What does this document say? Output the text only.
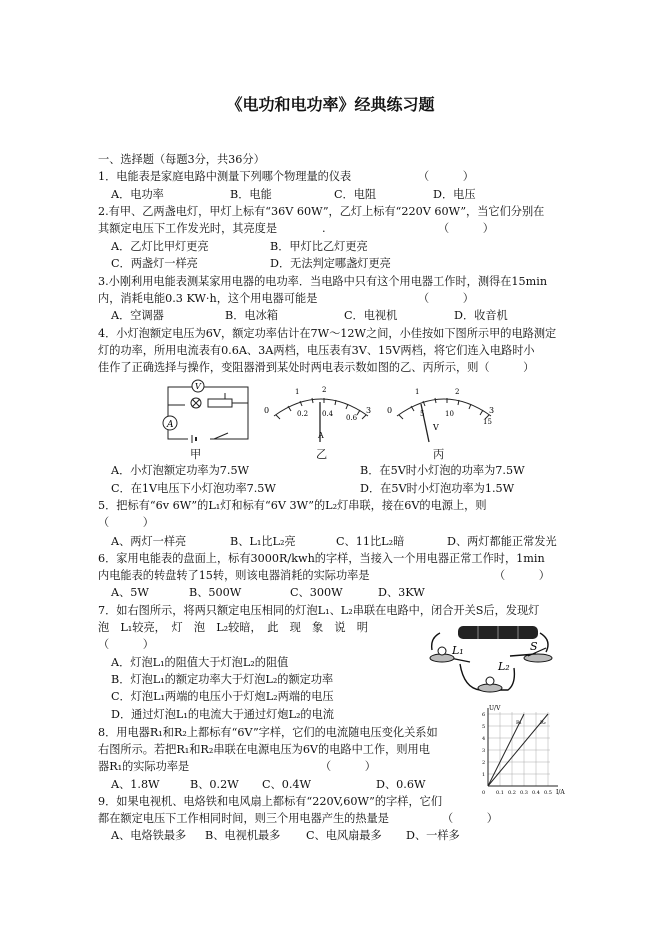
《电功和电功率》经典练习题
一、选择题（每题3分，共36分）
1．电能表是家庭电路中测量下列哪个物理量的仪表	（　　　）
A．电功率	B．电能	C．电阻	D．电压
2.有甲、乙两盏电灯，甲灯上标有“36V 60W”，乙灯上标有“220V 60W”，当它们分别在
其额定电压下工作发光时，其亮度是	.	（　　　）
A．乙灯比甲灯更亮	B．甲灯比乙灯更亮
C．两盏灯一样亮	D．无法判定哪盏灯更亮
3.小刚利用电能表测某家用电器的电功率．当电路中只有这个用电器工作时，测得在15min
内，消耗电能0.3 KW·h，这个用电器可能是	（　　　）
A．空调器	B．电冰箱	C．电视机	D．收音机
4．小灯泡额定电压为6V，额定功率估计在7W～12W之间，小佳按如下图所示甲的电路测定
灯的功率，所用电流表有0.6A、3A两档，电压表有3V、15V两档，将它们连入电路时小
佳作了正确选择与操作，变阻器滑到某处时两电表示数如图的乙、丙所示，则（　　　）
A
V
甲
0	0.2 0.4 0.6
1	2
3
A
乙
0	5	10
15
1	2
3
V
丙
A．小灯泡额定功率为7.5W	B．在5V时小灯泡的功率为7.5W
C．在1V电压下小灯泡功率7.5W	D．在5V时小灯泡功率为1.5W
5．把标有“6v 6W”的L₁灯和标有“6V 3W”的L₂灯串联，接在6V的电源上，则
（　　　）
A、两灯一样亮	B、L₁比L₂亮	C、11比L₂暗	D、两灯都能正常发光
6．家用电能表的盘面上，标有3000R/kwh的字样，当接入一个用电器正常工作时，1min
内电能表的转盘转了15转，则该电器消耗的实际功率是	（　　　）
A、5W	B、500W	C、300W	D、3KW
7．如右图所示，将两只额定电压相同的灯泡L₁、L₂串联在电路中，闭合开关S后，发现灯
泡　L₁较亮，　灯　泡　L₂较暗，　此　现　象　说　明
（　　　）
A．灯泡L₁的阻值大于灯泡L₂的阻值
B．灯泡L₁的额定功率大于灯泡L₂的额定功率
C．灯泡L₁两端的电压小于灯炮L₂两端的电压
D．通过灯泡L₁的电流大于通过灯炮L₂的电流
L₁
L₂
S
8．用电器R₁和R₂上都标有“6V”字样，它们的电流随电压变化关系如
右图所示。若把R₁和R₂串联在电源电压为6V的电路中工作，则用电
器R₁的实际功率是	（　　　）
A、1.8W	B、0.2W C、0.4W	D、0.6W
U/V
I/A
0 0.1 0.2 0.3 0.4 0.5
1
2
3
4
5
6
R₁	R₂
9．如果电视机、电烙铁和电风扇上都标有“220V,60W”的字样，它们
都在额定电压下工作相同时间，则三个用电器产生的热量是	（　　　）
A、电烙铁最多 B、电视机最多 C、电风扇最多 D、一样多
